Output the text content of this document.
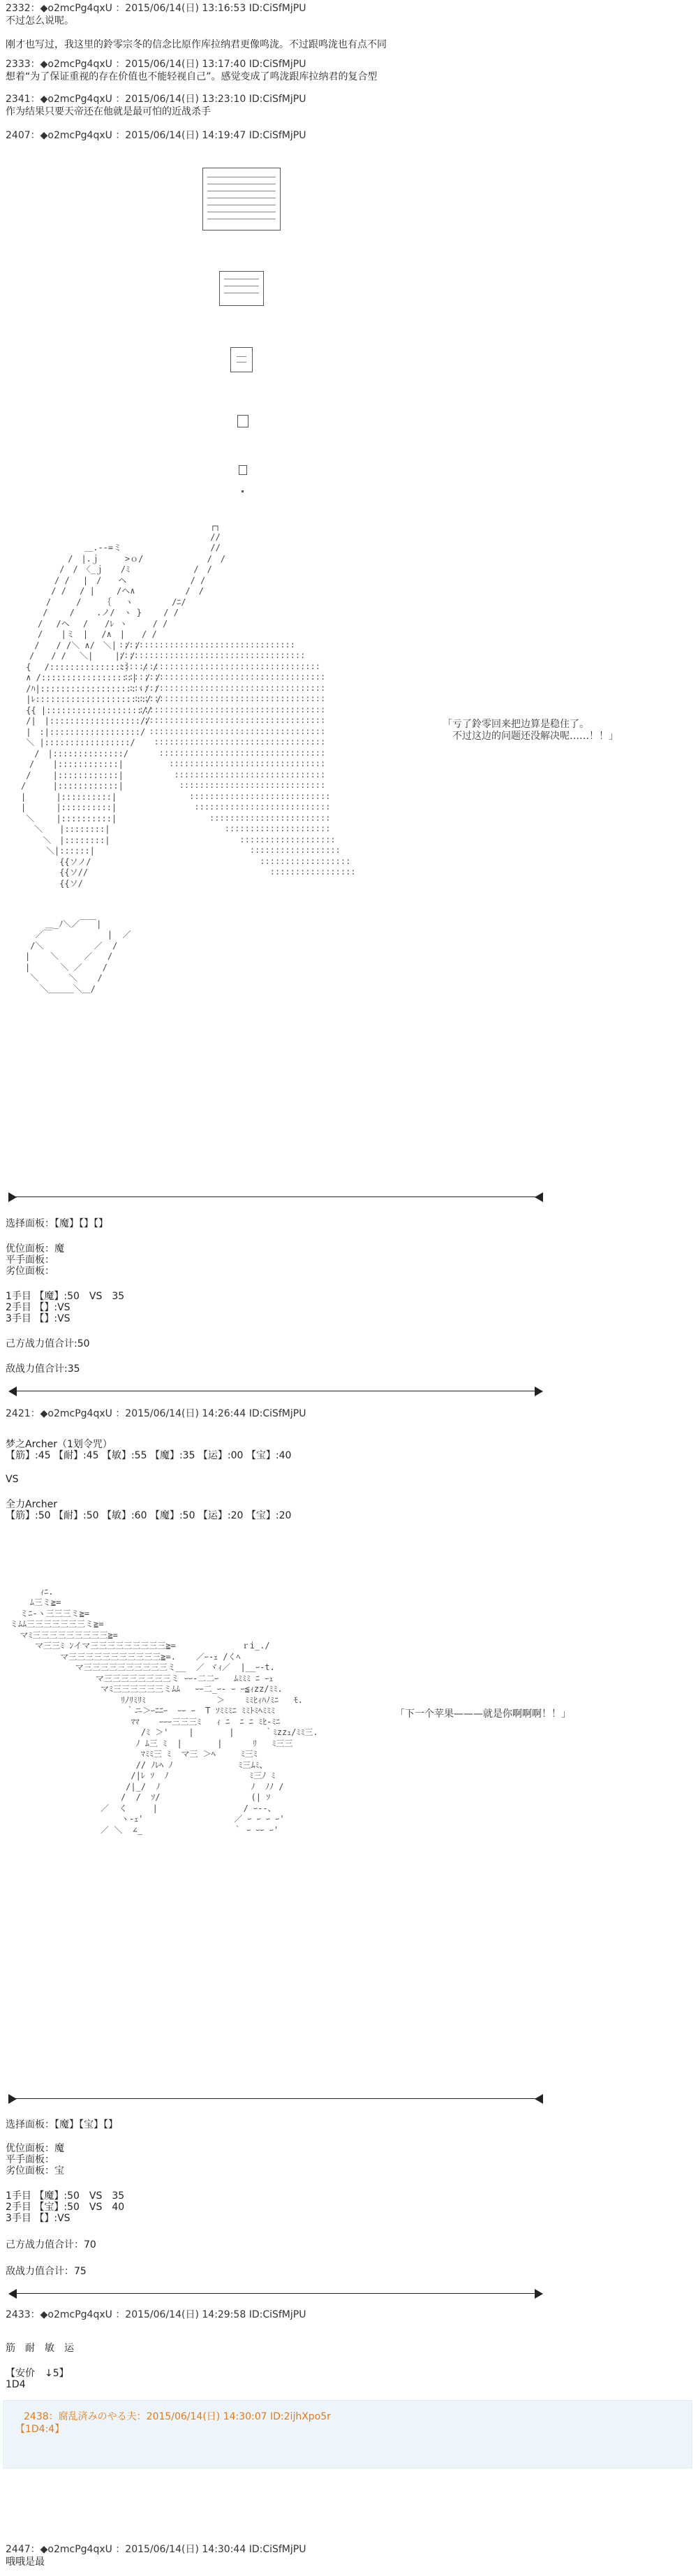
2332：◆o2mcPg4qxU ：2015/06/14(日) 13:16:53 ID:CiSfMjPU
不过怎么说呢。
刚才也写过，我这里的鈴零宗冬的信念比原作库拉纳君更像鸣泷。不过跟鸣泷也有点不同
2333：◆o2mcPg4qxU ：2015/06/14(日) 13:17:40 ID:CiSfMjPU
想着“为了保证重视的存在价值也不能轻视自己”。感觉变成了鸣泷跟库拉纳君的复合型
2341：◆o2mcPg4qxU ：2015/06/14(日) 13:23:10 ID:CiSfMjPU
作为结果只要天帝还在他就是最可怕的近战杀手
2407：◆o2mcPg4qxU ：2015/06/14(日) 14:19:47 ID:CiSfMjPU
　　　　　　　　　　　　　　　　　　　　　　　 ┌┐
　　　　　　　　　　　　　　　　　　　　　　　 //
　　　　　　　　 ＿.--=ミ　　　　　　　　　　 //
　　　　　　 /　|.ｊ　　　>ｏ/　　　　　　　 /　/
　　　　　 /　/　〈_ｊ　　/ﾐ　　　　　　　 /　/
　　　　　/ /　 |　/　　ヘ　　　　　　　 / /
　　　　 / /　 / |　　 /ヘ∧　　　　　　/　/
　　　　/　　　/　　 ｛　 ヽ　　　　 /ﾆ/
　　　 /　　 /　　 .ノ/　ヽ }　　 / /
　　　/　 /ヘ　 /　　/ﾚ ヽ　　　/ /
　　　/ 　 |ミ　|　 /∧　|　　/ /
　　 /　　/ /＼ ∧/　＼|　/ /
　　/　　/ /　 ＼|　　 |/ /
　 {　 /:::::::::::::::｝　 / /
　 ∧ /::::::::::::::::::|　/ /
　 /ﾊ|:::::::::::::::::::ヽ/ /
　 |ﾚ::::::::::::::::::::::/ /
　 {{ |::::::::::::::::::://
　 /|　|:::::::::::::::::://
　 |　:|::::::::::::::::::/
　 ＼ |:::::::::::::::::/
　　 /　|::::::::::::::/
　　/ 　 |::::::::::::|
　 /　　 |::::::::::::|
　/　 　 |::::::::::::|
　|　　 　|::::::::::|
　|　　　 |::::::::::|
　 ＼　　 |::::::::::|
　　 ＼　　|::::::::|
　　　 ＼　|::::::::|
　　　　＼|::::::|
　　　　　 {{ソノ/
　　　　　 {{ソ//
　　　　　 {{ソ/

:::::::::::::::::::::::::::::::::::
:::::::::::::::::::::::::::::::::::::
::::::::::::::::::::::::::::::::::::::::
::::::::::::::::::::::::::::::::::::::::
:::::::::::::::::::::::::::::::::::::::
::::::::::::::::::::::::::::::::::::::
:::::::::::::::::::::::::::::::::::::
::::::::::::::::::::::::::::::::::::
:::::::::::::::::::::::::::::::::::
::::::::::::::::::::::::::::::::::
:::::::::::::::::::::::::::::::::
:::::::::::::::::::::::::::::::
::::::::::::::::::::::::::::::
:::::::::::::::::::::::::::::
::::::::::::::::::::::::::::
:::::::::::::::::::::::::::
::::::::::::::::::::::::
:::::::::::::::::::::
:::::::::::::::::::
::::::::::::::::::
::::::::::::::::::
:::::::::::::::::

＿_ﾉ＼／￣￣|
／￣           |  ／
/＼          ／  /
|    ＼     ／   /
|      ＼ ／    /
＼      ＼    /
＼＿＿＿＼＿/

「亏了鈴零回来把边算是稳住了。
　不过这边的问题还没解决呢……！！」
选择面板：【魔】【】【】
优位面板：魔
平手面板：
劣位面板：
1手目 【魔】:50　VS　35
2手目 【】:VS
3手目 【】:VS
己方战力值合计:50
敌战力值合计:35
2421：◆o2mcPg4qxU ：2015/06/14(日) 14:26:44 ID:CiSfMjPU
梦之Archer（1划令咒）
【筋】:45 【耐】:45 【敏】:55 【魔】:35 【运】:00 【宝】:40
VS
全力Archer
【筋】:50 【耐】:50 【敏】:60 【魔】:50 【运】:20 【宝】:20

ｨﾆ.
ﾑ三ミ≧=
ミﾆ-ヽ三三三ミ≧=
ミﾑﾑ三三三三三三三ミ≧=
マﾐ三三三三三三三三三≧=
マ三三ﾐ ﾝイマ三三三三三三三三三≧=             ｒi_./
マ三三三三三三三三三三三≧=.    ／ｰ-ｪ /くﾍ
マ三三三三三三三三三三ミ__  ／ ヾｨ／  |__ｰ-t.
マ三三三三三三三三ミ ｰｰ-二二ｰ   ﾑﾐﾐﾐ ﾆ ｰｪ
マﾐ三三三三三三ミﾑﾑ   ｰｰ二_ｰ- ｰ ｰ≦ｨzz/ﾐﾐ.
ﾘﾉﾘﾐﾘﾐ              ＞    ﾐﾐﾋｨﾊﾉﾐﾆ   ﾓ.
｀ニ＞ｰﾆﾆｰ  ｰｰ ｰ  T ｿﾐﾐﾐﾆ ﾐﾐﾄﾐﾍﾐﾐﾐ
ﾏﾏ    ｰｰｰ三三三ﾐ   ｨ ﾆ  ﾆ ﾆ ﾐﾋ-ﾐﾆ
/ﾐ ＞'    |       |      ｀ﾐzzｪ/ﾐﾐ三.
ﾉ ﾑ三 ﾐ  |       |      ﾘ   ﾐ三三
ﾏﾐﾐ三 ﾐ  マ三 ＞ﾍ     ﾐ三ﾐ
// ﾉﾚﾍ ﾉ             ﾐ三ﾑﾐ、
/|ﾚ ｿ  ﾉ                ﾐ三ﾉ ﾐ
/|_/  ﾉ                  ﾉ  ﾉﾉ /
/  /  ｿ/                  (| ｿ
／  く     |                 / ｰ-‐、
ヽ-ｪ'                  ／ ｰ ｰ ｰ ｰ'
／ ＼  ∠_                  ｀ ｰ ｰｰ ｰ'

「下一个苹果———就是你啊啊啊！！」
选择面板：【魔】【宝】【】
优位面板：魔
平手面板：
劣位面板：宝
1手目 【魔】:50　VS　35
2手目 【宝】:50　VS　40
3手目 【】:VS
己方战力值合计：70
敌战力值合计：75
2433：◆o2mcPg4qxU ：2015/06/14(日) 14:29:58 ID:CiSfMjPU
筋　耐　敏　运
【安价　↓5】
1D4
2438：腐乱済みのやる夫：2015/06/14(日) 14:30:07 ID:2ijhXpo5r
【1D4:4】
2447：◆o2mcPg4qxU ：2015/06/14(日) 14:30:44 ID:CiSfMjPU
哦哦是最
